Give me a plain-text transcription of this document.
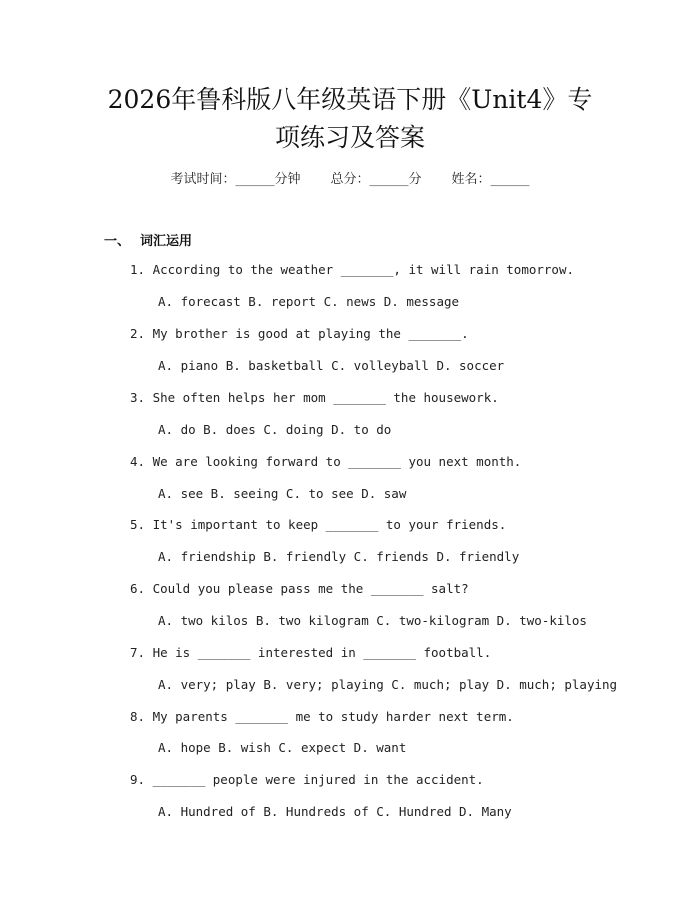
2026年鲁科版八年级英语下册《Unit4》专
项练习及答案
考试时间：______分钟 总分：______分 姓名：______
一、 词汇运用
1. According to the weather _______, it will rain tomorrow.
A. forecast B. report C. news D. message
2. My brother is good at playing the _______.
A. piano B. basketball C. volleyball D. soccer
3. She often helps her mom _______ the housework.
A. do B. does C. doing D. to do
4. We are looking forward to _______ you next month.
A. see B. seeing C. to see D. saw
5. It's important to keep _______ to your friends.
A. friendship B. friendly C. friends D. friendly
6. Could you please pass me the _______ salt?
A. two kilos B. two kilogram C. two-kilogram D. two-kilos
7. He is _______ interested in _______ football.
A. very; play B. very; playing C. much; play D. much; playing
8. My parents _______ me to study harder next term.
A. hope B. wish C. expect D. want
9. _______ people were injured in the accident.
A. Hundred of B. Hundreds of C. Hundred D. Many
